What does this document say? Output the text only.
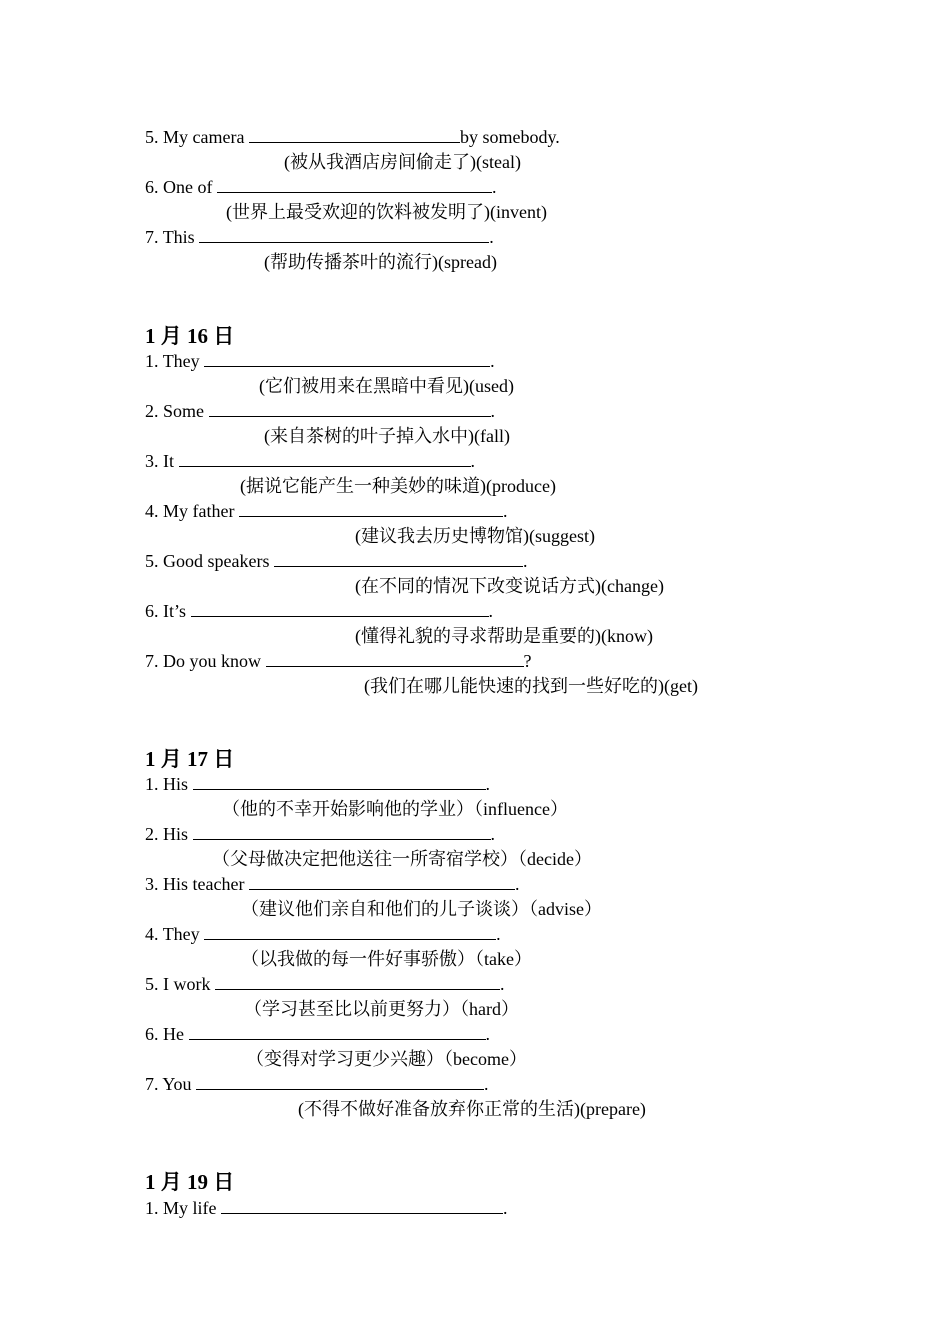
5. My camera	by somebody.
(被从我酒店房间偷走了)(steal)
6. One of	.
(世界上最受欢迎的饮料被发明了)(invent)
7. This	.
(帮助传播茶叶的流行)(spread)
1 月 16 日
1. They	.
(它们被用来在黑暗中看见)(used)
2. Some	.
(来自茶树的叶子掉入水中)(fall)
3. It	.
(据说它能产生一种美妙的味道)(produce)
4. My father	.
(建议我去历史博物馆)(suggest)
5. Good speakers	.
(在不同的情况下改变说话方式)(change)
6. It’s	.
(懂得礼貌的寻求帮助是重要的)(know)
7. Do you know	?
(我们在哪儿能快速的找到一些好吃的)(get)
1 月 17 日
1. His	.
（他的不幸开始影响他的学业）（influence）
2. His	.
（父母做决定把他送往一所寄宿学校）（decide）
3. His teacher	.
（建议他们亲自和他们的儿子谈谈）（advise）
4. They	.
（以我做的每一件好事骄傲）（take）
5. I work	.
（学习甚至比以前更努力）（hard）
6. He	.
（变得对学习更少兴趣）（become）
7. You	.
(不得不做好准备放弃你正常的生活)(prepare)
1 月 19 日
1. My life	.
